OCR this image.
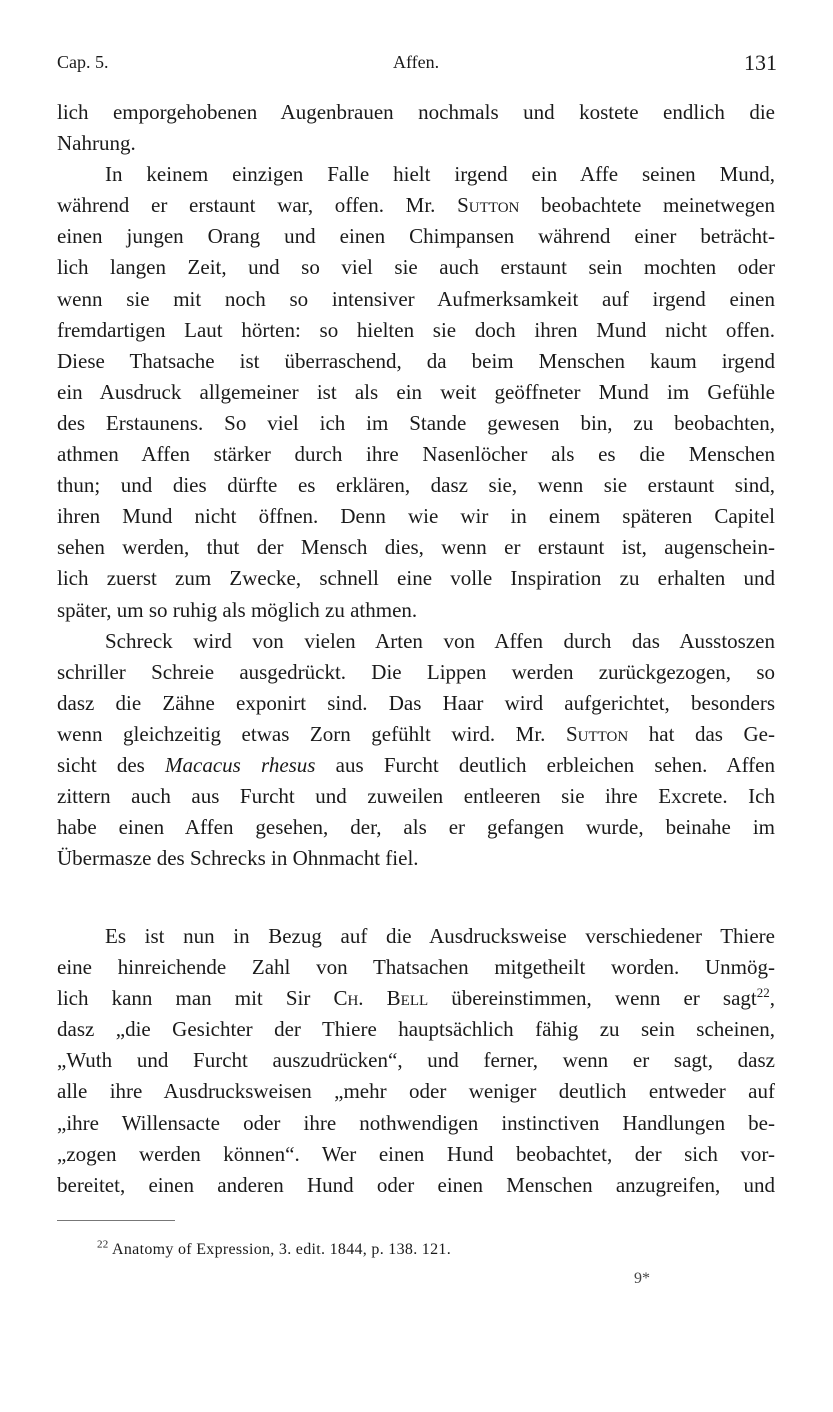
Cap. 5.	Affen.	131
lich emporgehobenen Augenbrauen nochmals und kostete endlich die
Nahrung.
In keinem einzigen Falle hielt irgend ein Affe seinen Mund,
während er erstaunt war, offen. Mr. Sutton beobachtete meinetwegen
einen jungen Orang und einen Chimpansen während einer beträcht-
lich langen Zeit, und so viel sie auch erstaunt sein mochten oder
wenn sie mit noch so intensiver Aufmerksamkeit auf irgend einen
fremdartigen Laut hörten: so hielten sie doch ihren Mund nicht offen.
Diese Thatsache ist überraschend, da beim Menschen kaum irgend
ein Ausdruck allgemeiner ist als ein weit geöffneter Mund im Gefühle
des Erstaunens. So viel ich im Stande gewesen bin, zu beobachten,
athmen Affen stärker durch ihre Nasenlöcher als es die Menschen
thun; und dies dürfte es erklären, dasz sie, wenn sie erstaunt sind,
ihren Mund nicht öffnen. Denn wie wir in einem späteren Capitel
sehen werden, thut der Mensch dies, wenn er erstaunt ist, augenschein-
lich zuerst zum Zwecke, schnell eine volle Inspiration zu erhalten und
später, um so ruhig als möglich zu athmen.
Schreck wird von vielen Arten von Affen durch das Ausstoszen
schriller Schreie ausgedrückt. Die Lippen werden zurückgezogen, so
dasz die Zähne exponirt sind. Das Haar wird aufgerichtet, besonders
wenn gleichzeitig etwas Zorn gefühlt wird. Mr. Sutton hat das Ge-
sicht des Macacus rhesus aus Furcht deutlich erbleichen sehen. Affen
zittern auch aus Furcht und zuweilen entleeren sie ihre Excrete. Ich
habe einen Affen gesehen, der, als er gefangen wurde, beinahe im
Übermasze des Schrecks in Ohnmacht fiel.
Es ist nun in Bezug auf die Ausdrucksweise verschiedener Thiere
eine hinreichende Zahl von Thatsachen mitgetheilt worden. Unmög-
lich kann man mit Sir Ch. Bell übereinstimmen, wenn er sagt$^{22}$,
dasz „die Gesichter der Thiere hauptsächlich fähig zu sein scheinen,
„Wuth und Furcht auszudrücken“, und ferner, wenn er sagt, dasz
alle ihre Ausdrucksweisen „mehr oder weniger deutlich entweder auf
„ihre Willensacte oder ihre nothwendigen instinctiven Handlungen be-
„zogen werden können“. Wer einen Hund beobachtet, der sich vor-
bereitet, einen anderen Hund oder einen Menschen anzugreifen, und
$^{22}$ Anatomy of Expression, 3. edit. 1844, p. 138. 121.
9*
